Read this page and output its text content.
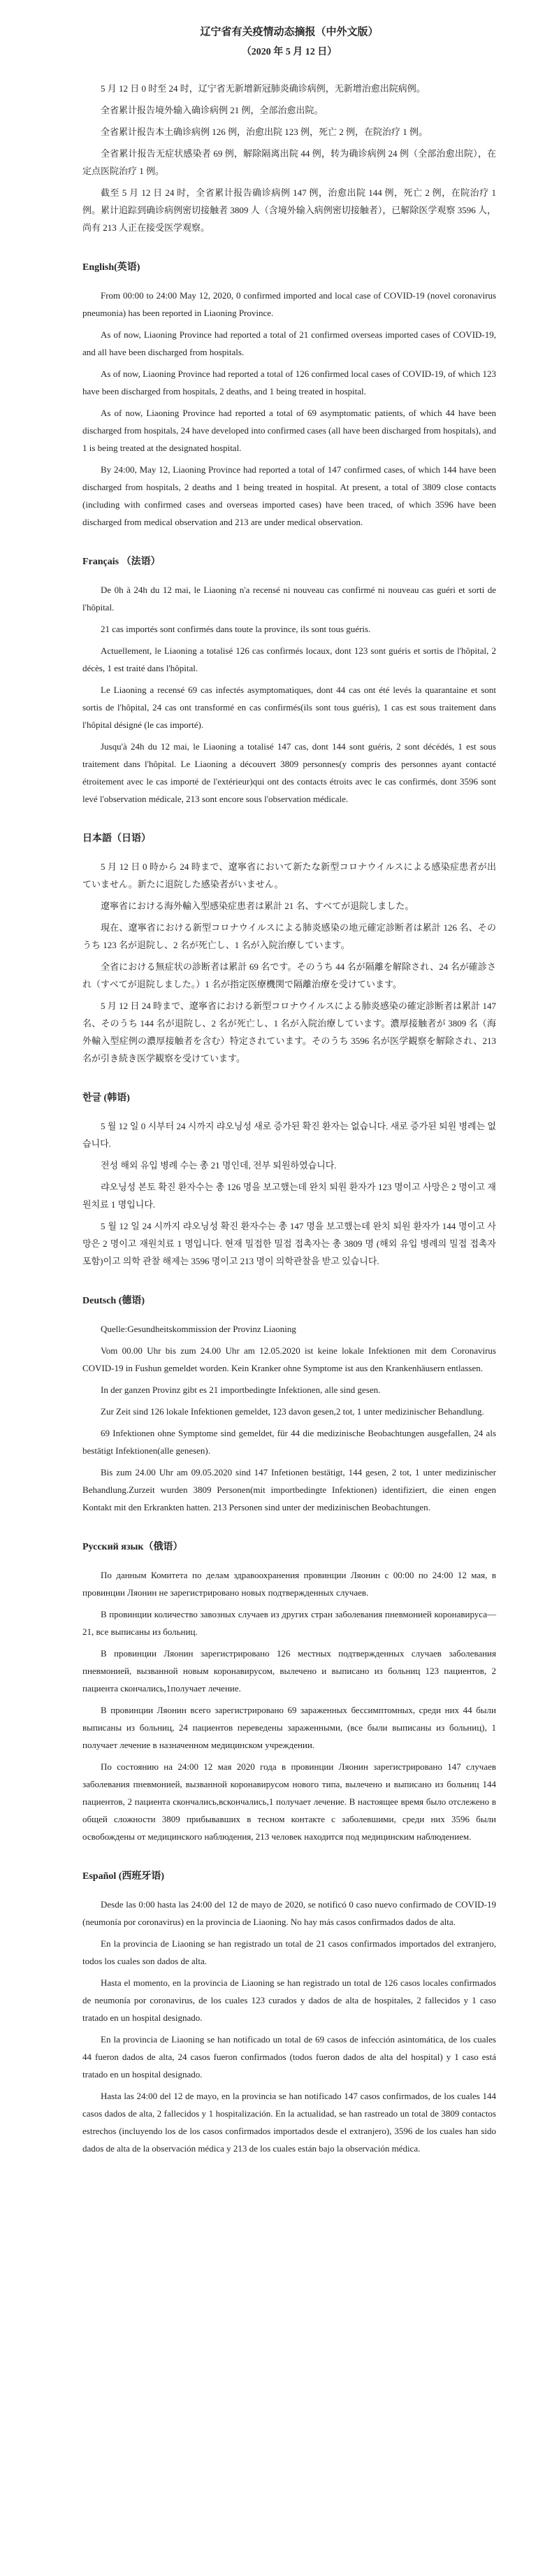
辽宁省有关疫情动态摘报（中外文版）

（2020 年 5 月 12 日）

5 月 12 日 0 时至 24 时，辽宁省无新增新冠肺炎确诊病例，无新增治愈出院病例。

全省累计报告境外输入确诊病例 21 例，全部治愈出院。

全省累计报告本土确诊病例 126 例，治愈出院 123 例，死亡 2 例，在院治疗 1 例。

全省累计报告无症状感染者 69 例，解除隔离出院 44 例，转为确诊病例 24 例（全部治愈出院），在定点医院治疗 1 例。

截至 5 月 12 日 24 时，全省累计报告确诊病例 147 例，治愈出院 144 例，死亡 2 例，在院治疗 1 例。累计追踪到确诊病例密切接触者 3809 人（含境外输入病例密切接触者），已解除医学观察 3596 人，尚有 213 人正在接受医学观察。

English(英语)

From 00:00 to 24:00 May 12, 2020, 0 confirmed imported and local case of COVID-19 (novel coronavirus pneumonia) has been reported in Liaoning Province.

As of now, Liaoning Province had reported a total of 21 confirmed overseas imported cases of COVID-19, and all have been discharged from hospitals.

As of now, Liaoning Province had reported a total of 126 confirmed local cases of COVID-19, of which 123 have been discharged from hospitals, 2 deaths, and 1 being treated in hospital.

As of now, Liaoning Province had reported a total of 69 asymptomatic patients, of which 44 have been discharged from hospitals, 24 have developed into confirmed cases (all have been discharged from hospitals), and 1 is being treated at the designated hospital.

By 24:00, May 12, Liaoning Province had reported a total of 147 confirmed cases, of which 144 have been discharged from hospitals, 2 deaths and 1 being treated in hospital. At present, a total of 3809 close contacts (including with confirmed cases and overseas imported cases) have been traced, of which 3596 have been discharged from medical observation and 213 are under medical observation.

Français （法语）

De 0h à 24h du 12 mai, le Liaoning n'a recensé ni nouveau cas confirmé ni nouveau cas guéri et sorti de l'hôpital.

21 cas importés sont confirmés dans toute la province, ils sont tous guéris.

Actuellement, le Liaoning a totalisé 126 cas confirmés locaux, dont 123 sont guéris et sortis de l'hôpital, 2 décès, 1 est traité dans l'hôpital.

Le Liaoning a recensé 69 cas infectés asymptomatiques, dont 44 cas ont été levés la quarantaine et sont sortis de l'hôpital, 24 cas ont transformé en cas confirmés(ils sont tous guéris), 1 cas est sous traitement dans l'hôpital désigné (le cas importé).

Jusqu'à 24h du 12 mai, le Liaoning a totalisé 147 cas, dont 144 sont guéris, 2 sont décédés, 1 est sous traitement dans l'hôpital. Le Liaoning a découvert 3809 personnes(y compris des personnes ayant contacté étroitement avec le cas importé de l'extérieur)qui ont des contacts étroits avec le cas confirmés, dont 3596 sont levé l'observation médicale, 213 sont encore sous l'observation médicale.

日本語（日语）

5 月 12 日 0 時から 24 時まで、遼寧省において新たな新型コロナウイルスによる感染症患者が出ていません。新たに退院した感染者がいません。

遼寧省における海外輸入型感染症患者は累計 21 名、すべてが退院しました。

現在、遼寧省における新型コロナウイルスによる肺炎感染の地元確定診断者は累計 126 名、そのうち 123 名が退院し、2 名が死亡し、1 名が入院治療しています。

全省における無症状の診断者は累計 69 名です。そのうち 44 名が隔離を解除され、24 名が確診され（すべてが退院しました。）1 名が指定医療機関で隔離治療を受けています。

5 月 12 日 24 時まで、遼寧省における新型コロナウイルスによる肺炎感染の確定診断者は累計 147 名、そのうち 144 名が退院し、2 名が死亡し、1 名が入院治療しています。濃厚接触者が 3809 名（海外輸入型症例の濃厚接触者を含む）特定されています。そのうち 3596 名が医学観察を解除され、213 名が引き続き医学観察を受けています。

한글 (韩语)

5 월 12 일 0 시부터 24 시까지 랴오닝성 새로 증가된 확진 환자는 없습니다. 새로 증가된 퇴원 병례는 없습니다.

전성 해외 유입 병례 수는 총 21 명인데, 전부 퇴원하였습니다.

랴오닝성 본토 확진 환자수는 총 126 명을 보고했는데 완치 퇴원 환자가 123 명이고 사망은 2 명이고 재원치료 1 명입니다.

5 월 12 일 24 시까지 랴오닝성 확진 환자수는 총 147 명을 보고했는데 완치 퇴원 환자가 144 명이고 사망은 2 명이고 재원치료 1 명입니다. 현재 밀접한 밀접 접촉자는 총 3809 명 (해외 유입 병례의 밀접 접촉자 포함)이고 의학 관찰 해제는 3596 명이고 213 명이 의학관찰을 받고 있습니다.

Deutsch (德语)

Quelle:Gesundheitskommission der Provinz Liaoning

Vom 00.00 Uhr bis zum 24.00 Uhr am 12.05.2020 ist keine lokale Infektionen mit dem Coronavirus COVID-19 in Fushun gemeldet worden. Kein Kranker ohne Symptome ist aus den Krankenhäusern entlassen.

In der ganzen Provinz gibt es 21 importbedingte Infektionen, alle sind gesen.

Zur Zeit sind 126 lokale Infektionen gemeldet, 123 davon gesen,2 tot, 1 unter medizinischer Behandlung.

69 Infektionen ohne Symptome sind gemeldet, für 44 die medizinische Beobachtungen ausgefallen, 24 als bestätigt Infektionen(alle genesen).

Bis zum 24.00 Uhr am 09.05.2020 sind 147 Infetionen bestätigt, 144 gesen, 2 tot, 1 unter medizinischer Behandlung.Zurzeit wurden 3809 Personen(mit importbedingte Infektionen) identifiziert, die einen engen Kontakt mit den Erkrankten hatten. 213 Personen sind unter der medizinischen Beobachtungen.

Русский язык（俄语）

По данным Комитета по делам здравоохранения провинции Ляонин с 00:00 по 24:00 12 мая, в провинции Ляонин не зарегистрировано новых подтвержденных случаев.

В провинции количество завозных случаев из других стран заболевания пневмонией коронавируса—21, все выписаны из больниц.

В провинции Ляонин зарегистрировано 126 местных подтвержденных случаев заболевания пневмонией, вызванной новым коронавирусом, вылечено и выписано из больниц 123 пациентов, 2 пациента скончались,1получает лечение.

В провинции Ляонин всего зарегистрировано 69 зараженных бессимптомных, среди них 44 были выписаны из больниц, 24 пациентов переведены зараженными, (все были выписаны из больниц), 1 получает лечение в назначенном медицинском учреждении.

По состоянию на 24:00 12 мая 2020 года в провинции Ляонин зарегистрировано 147 случаев заболевания пневмонией, вызванной коронавирусом нового типа, вылечено и выписано из больниц 144 пациентов, 2 пациента скончались,вскончались,1 получает лечение. В настоящее время было отслежено в общей сложности 3809 прибывавших в тесном контакте с заболевшими, среди них 3596 были освобождены от медицинского наблюдения, 213 человек находится под медицинским наблюдением.

Español (西班牙语)

Desde las 0:00 hasta las 24:00 del 12 de mayo de 2020, se notificó 0 caso nuevo confirmado de COVID-19 (neumonía por coronavirus) en la provincia de Liaoning. No hay más casos confirmados dados de alta.

En la provincia de Liaoning se han registrado un total de 21 casos confirmados importados del extranjero, todos los cuales son dados de alta.

Hasta el momento, en la provincia de Liaoning se han registrado un total de 126 casos locales confirmados de neumonía por coronavirus, de los cuales 123 curados y dados de alta de hospitales, 2 fallecidos y 1 caso tratado en un hospital designado.

En la provincia de Liaoning se han notificado un total de 69 casos de infección asintomática, de los cuales 44 fueron dados de alta, 24 casos fueron confirmados (todos fueron dados de alta del hospital) y 1 caso está tratado en un hospital designado.

Hasta las 24:00 del 12 de mayo, en la provincia se han notificado 147 casos confirmados, de los cuales 144 casos dados de alta, 2 fallecidos y 1 hospitalización. En la actualidad, se han rastreado un total de 3809 contactos estrechos (incluyendo los de los casos confirmados importados desde el extranjero), 3596 de los cuales han sido dados de alta de la observación médica y 213 de los cuales están bajo la observación médica.
